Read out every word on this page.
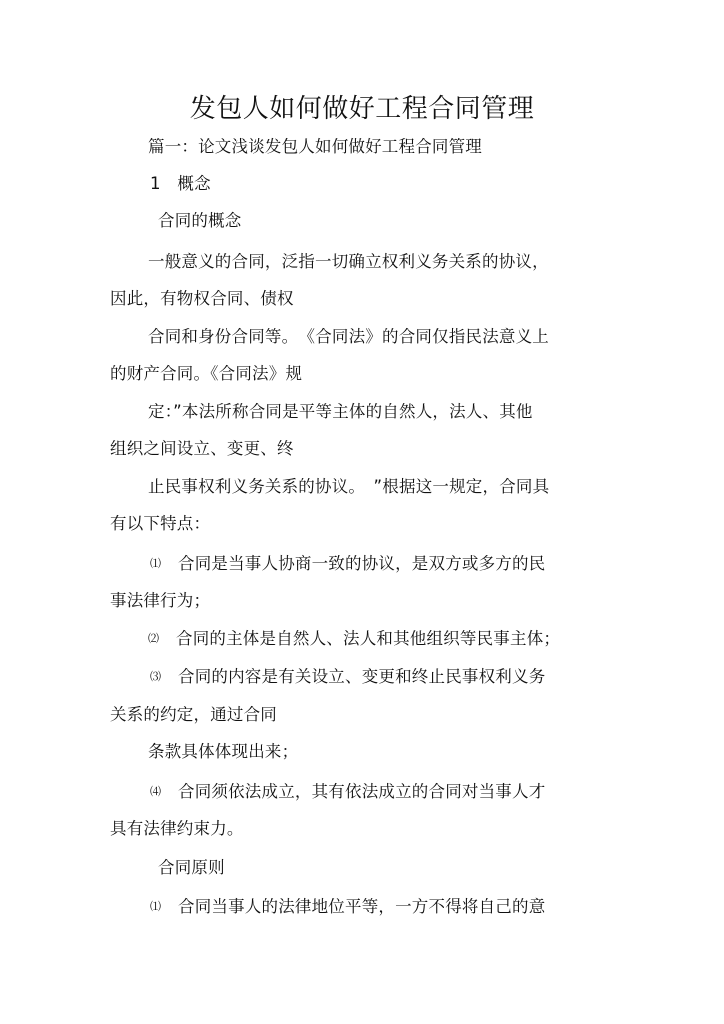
发包人如何做好工程合同管理
篇一：论文浅谈发包人如何做好工程合同管理
1　概念
合同的概念
一般意义的合同，泛指一切确立权利义务关系的协议，
因此，有物权合同、债权
合同和身份合同等。　《合同法》的合同仅指民法意义上
的财产合同。《合同法》规
定：”本法所称合同是平等主体的自然人，法人、其他
组织之间设立、变更、终
止民事权利义务关系的协议。　”根据这一规定，合同具
有以下特点：
⑴ 合同是当事人协商一致的协议，是双方或多方的民
事法律行为；
⑵ 合同的主体是自然人、法人和其他组织等民事主体；
⑶ 合同的内容是有关设立、变更和终止民事权利义务
关系的约定，通过合同
条款具体体现出来；
⑷ 合同须依法成立，其有依法成立的合同对当事人才
具有法律约束力。
合同原则
⑴ 合同当事人的法律地位平等，一方不得将自己的意
